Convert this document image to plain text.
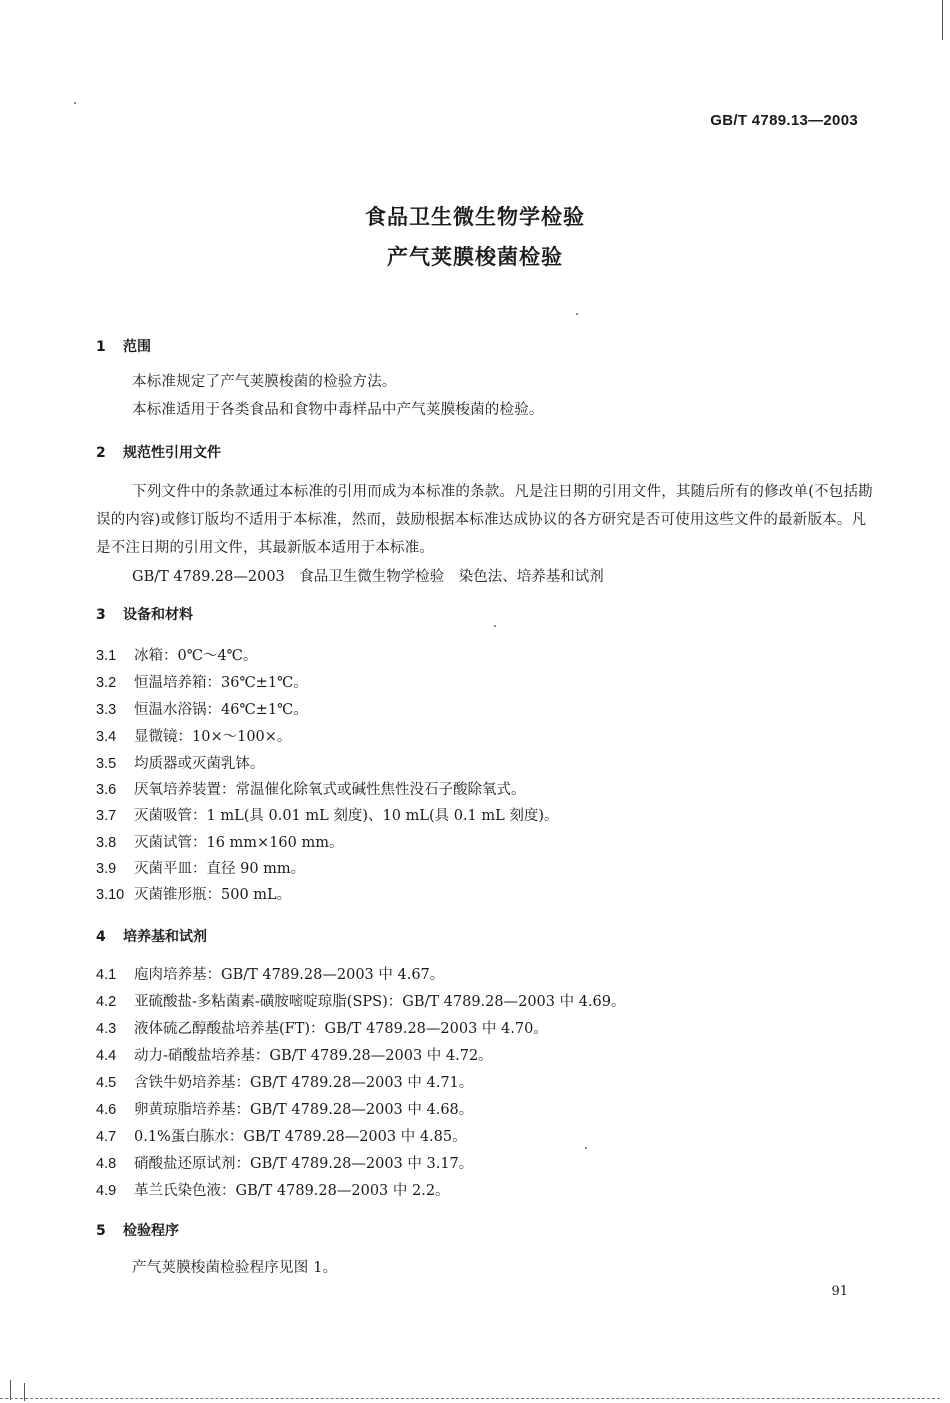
GB/T 4789.13—2003
食品卫生微生物学检验
产气荚膜梭菌检验
1 范围
本标准规定了产气荚膜梭菌的检验方法。
本标准适用于各类食品和食物中毒样品中产气荚膜梭菌的检验。
2 规范性引用文件
下列文件中的条款通过本标准的引用而成为本标准的条款。凡是注日期的引用文件，其随后所有的修改单(不包括勘误的内容)或修订版均不适用于本标准，然而，鼓励根据本标准达成协议的各方研究是否可使用这些文件的最新版本。凡是不注日期的引用文件，其最新版本适用于本标准。
GB/T 4789.28—2003　食品卫生微生物学检验　染色法、培养基和试剂
3 设备和材料
3.1 冰箱：0℃～4℃。
3.2 恒温培养箱：36℃±1℃。
3.3 恒温水浴锅：46℃±1℃。
3.4 显微镜：10×～100×。
3.5 均质器或灭菌乳钵。
3.6 厌氧培养装置：常温催化除氧式或碱性焦性没石子酸除氧式。
3.7 灭菌吸管：1 mL(具 0.01 mL 刻度)、10 mL(具 0.1 mL 刻度)。
3.8 灭菌试管：16 mm×160 mm。
3.9 灭菌平皿：直径 90 mm。
3.10 灭菌锥形瓶：500 mL。
4 培养基和试剂
4.1 庖肉培养基：GB/T 4789.28—2003 中 4.67。
4.2 亚硫酸盐-多粘菌素-磺胺嘧啶琼脂(SPS)：GB/T 4789.28—2003 中 4.69。
4.3 液体硫乙醇酸盐培养基(FT)：GB/T 4789.28—2003 中 4.70。
4.4 动力-硝酸盐培养基：GB/T 4789.28—2003 中 4.72。
4.5 含铁牛奶培养基：GB/T 4789.28—2003 中 4.71。
4.6 卵黄琼脂培养基：GB/T 4789.28—2003 中 4.68。
4.7 0.1%蛋白胨水：GB/T 4789.28—2003 中 4.85。
4.8 硝酸盐还原试剂：GB/T 4789.28—2003 中 3.17。
4.9 革兰氏染色液：GB/T 4789.28—2003 中 2.2。
5 检验程序
产气荚膜梭菌检验程序见图 1。
91
